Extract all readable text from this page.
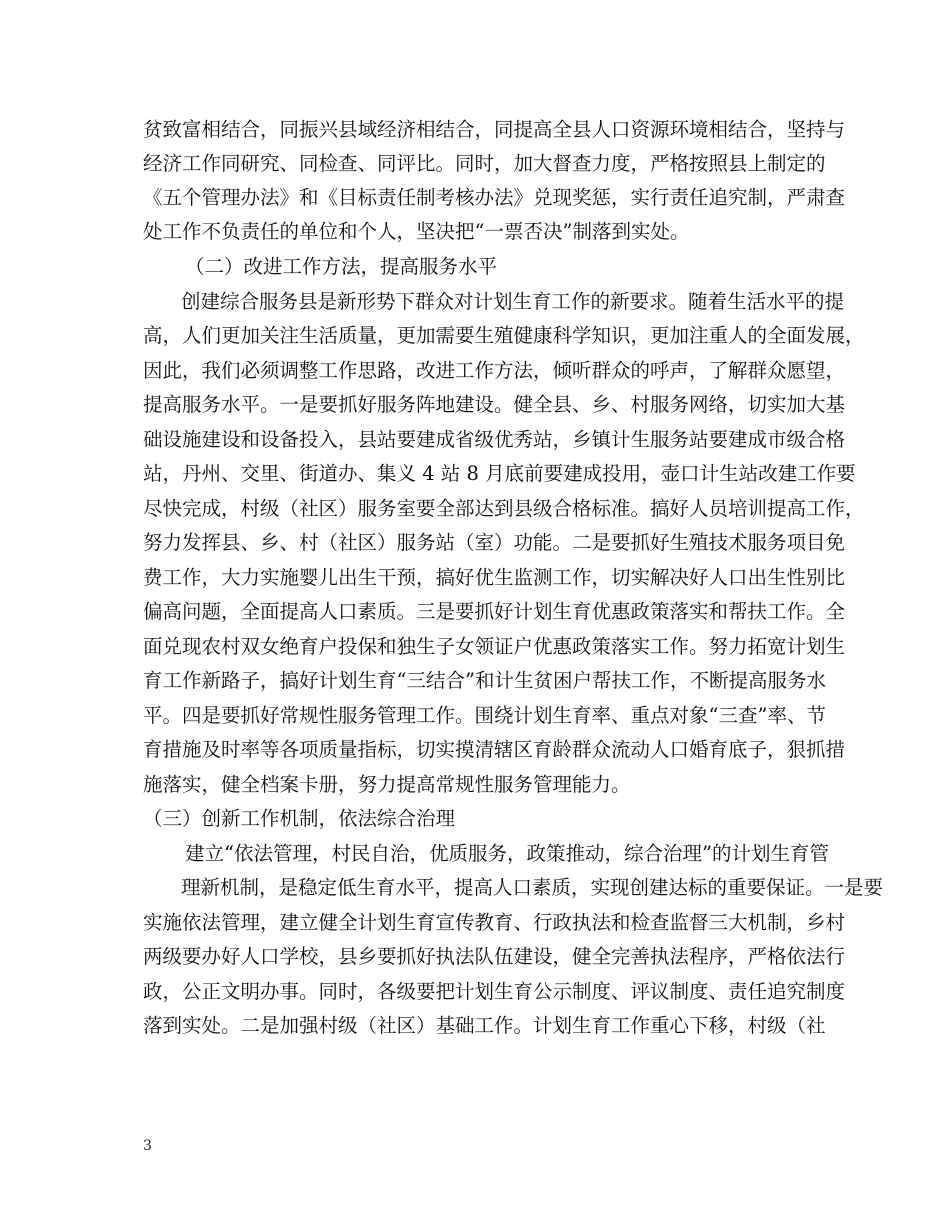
贫致富相结合，同振兴县域经济相结合，同提高全县人口资源环境相结合，坚持与
经济工作同研究、同检查、同评比。同时，加大督查力度，严格按照县上制定的
《五个管理办法》和《目标责任制考核办法》兑现奖惩，实行责任追究制，严肃查
处工作不负责任的单位和个人，坚决把“一票否决”制落到实处。
（二）改进工作方法，提高服务水平
创建综合服务县是新形势下群众对计划生育工作的新要求。随着生活水平的提
高，人们更加关注生活质量，更加需要生殖健康科学知识，更加注重人的全面发展，
因此，我们必须调整工作思路，改进工作方法，倾听群众的呼声，了解群众愿望，
提高服务水平。一是要抓好服务阵地建设。健全县、乡、村服务网络，切实加大基
础设施建设和设备投入，县站要建成省级优秀站，乡镇计生服务站要建成市级合格
站，丹州、交里、街道办、集义 4 站 8 月底前要建成投用，壶口计生站改建工作要
尽快完成，村级（社区）服务室要全部达到县级合格标准。搞好人员培训提高工作，
努力发挥县、乡、村（社区）服务站（室）功能。二是要抓好生殖技术服务项目免
费工作，大力实施婴儿出生干预，搞好优生监测工作，切实解决好人口出生性别比
偏高问题，全面提高人口素质。三是要抓好计划生育优惠政策落实和帮扶工作。全
面兑现农村双女绝育户投保和独生子女领证户优惠政策落实工作。努力拓宽计划生
育工作新路子，搞好计划生育“三结合”和计生贫困户帮扶工作，不断提高服务水
平。四是要抓好常规性服务管理工作。围绕计划生育率、重点对象“三查”率、节
育措施及时率等各项质量指标，切实摸清辖区育龄群众流动人口婚育底子，狠抓措
施落实，健全档案卡册，努力提高常规性服务管理能力。
（三）创新工作机制，依法综合治理
建立“依法管理，村民自治，优质服务，政策推动，综合治理”的计划生育管
理新机制，是稳定低生育水平，提高人口素质，实现创建达标的重要保证。一是要
实施依法管理，建立健全计划生育宣传教育、行政执法和检查监督三大机制，乡村
两级要办好人口学校，县乡要抓好执法队伍建设，健全完善执法程序，严格依法行
政，公正文明办事。同时，各级要把计划生育公示制度、评议制度、责任追究制度
落到实处。二是加强村级（社区）基础工作。计划生育工作重心下移，村级（社
3
